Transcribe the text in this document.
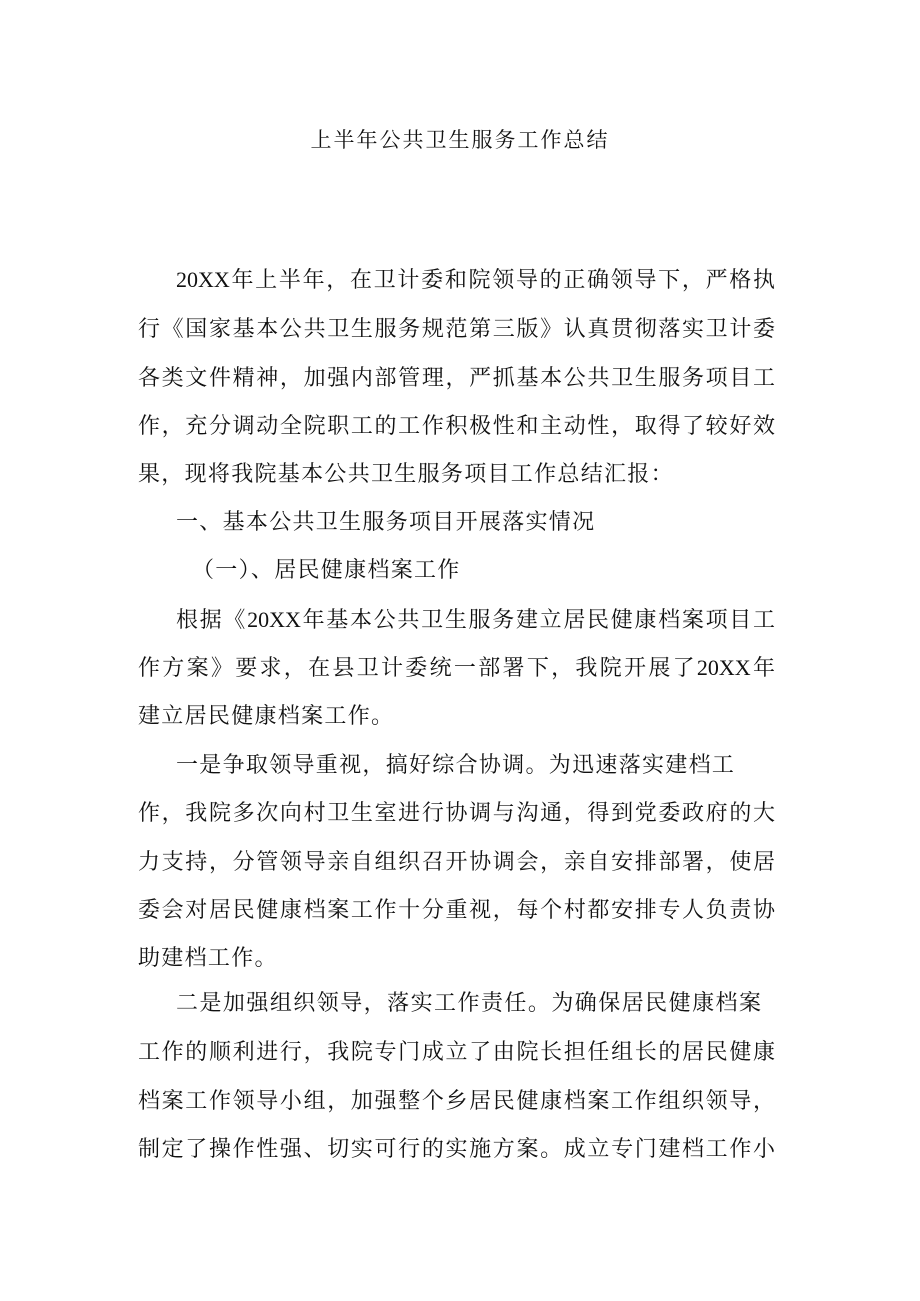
上半年公共卫生服务工作总结
20XX年上半年，在卫计委和院领导的正确领导下，严格执
行《国家基本公共卫生服务规范第三版》认真贯彻落实卫计委
各类文件精神，加强内部管理，严抓基本公共卫生服务项目工
作，充分调动全院职工的工作积极性和主动性，取得了较好效
果，现将我院基本公共卫生服务项目工作总结汇报：
一、基本公共卫生服务项目开展落实情况
（一）、居民健康档案工作
根据《20XX年基本公共卫生服务建立居民健康档案项目工
作方案》要求，在县卫计委统一部署下，我院开展了20XX年
建立居民健康档案工作。
一是争取领导重视，搞好综合协调。为迅速落实建档工
作，我院多次向村卫生室进行协调与沟通，得到党委政府的大
力支持，分管领导亲自组织召开协调会，亲自安排部署，使居
委会对居民健康档案工作十分重视，每个村都安排专人负责协
助建档工作。
二是加强组织领导，落实工作责任。为确保居民健康档案
工作的顺利进行，我院专门成立了由院长担任组长的居民健康
档案工作领导小组，加强整个乡居民健康档案工作组织领导，
制定了操作性强、切实可行的实施方案。成立专门建档工作小
